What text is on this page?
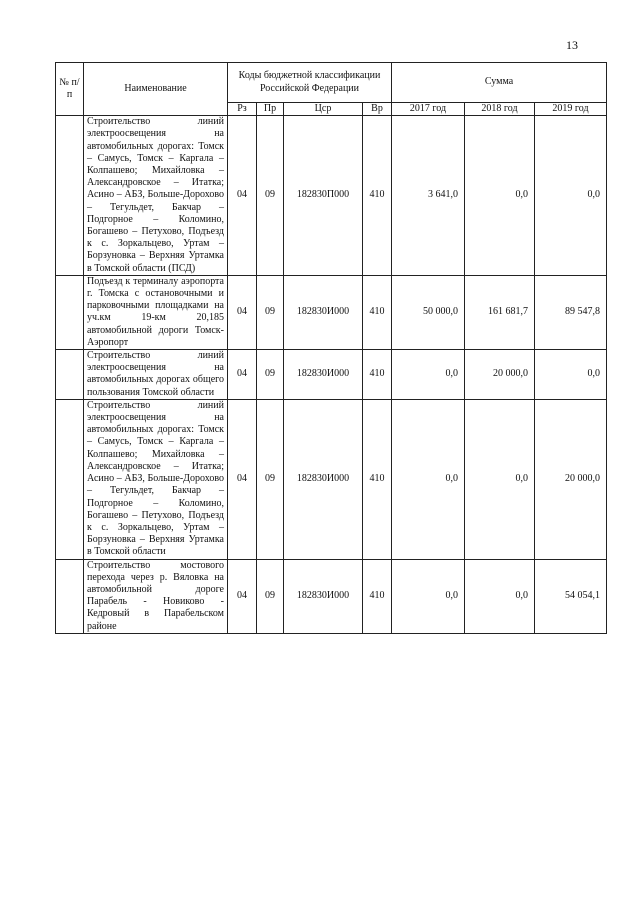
13
№ п/п	Наименование	Коды бюджетной классификации Российской Федерации				Сумма		
		Рз	Пр	Цср	Вр	2017 год	2018 год	2019 год
	Строительство линий электроосвещения на автомобильных дорогах: Томск – Самусь, Томск – Каргала – Колпашево; Михайловка – Александровское – Итатка; Асино – АБЗ, Больше-Дорохово – Тегульдет, Бакчар – Подгорное – Коломино, Богашево – Петухово, Подъезд к с. Зоркальцево, Уртам – Борзуновка – Верхняя Уртамка в Томской области (ПСД)	04	09	182830П000	410	3 641,0	0,0	0,0
	Подъезд к терминалу аэропорта г. Томска с остановочными и парковочными площадками на уч.км 19-км 20,185 автомобильной дороги Томск-Аэропорт	04	09	182830И000	410	50 000,0	161 681,7	89 547,8
	Строительство линий электроосвещения на автомобильных дорогах общего пользования Томской области	04	09	182830И000	410	0,0	20 000,0	0,0
	Строительство линий электроосвещения на автомобильных дорогах: Томск – Самусь, Томск – Каргала – Колпашево; Михайловка – Александровское – Итатка; Асино – АБЗ, Больше-Дорохово – Тегульдет, Бакчар – Подгорное – Коломино, Богашево – Петухово, Подъезд к с. Зоркальцево, Уртам – Борзуновка – Верхняя Уртамка в Томской области	04	09	182830И000	410	0,0	0,0	20 000,0
	Строительство мостового перехода через р. Вяловка на автомобильной дороге Парабель - Новиково - Кедровый в Парабельском районе	04	09	182830И000	410	0,0	0,0	54 054,1
